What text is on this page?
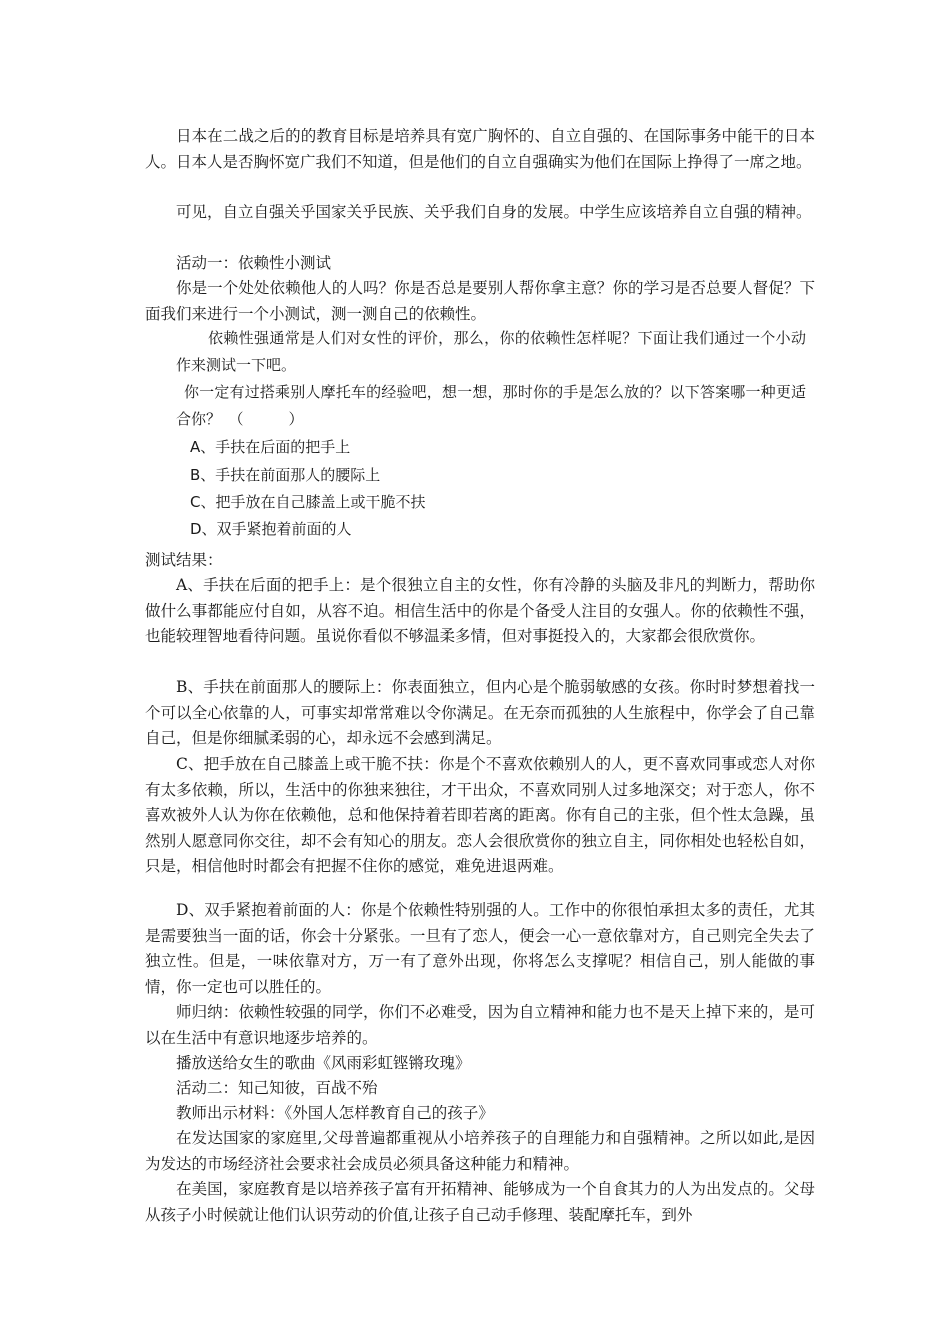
日本在二战之后的的教育目标是培养具有宽广胸怀的、自立自强的、在国际事务中能干的日本人。日本人是否胸怀宽广我们不知道，但是他们的自立自强确实为他们在国际上挣得了一席之地。

可见，自立自强关乎国家关乎民族、关乎我们自身的发展。中学生应该培养自立自强的精神。

活动一：依赖性小测试

你是一个处处依赖他人的人吗？你是否总是要别人帮你拿主意？你的学习是否总要人督促？下面我们来进行一个小测试，测一测自己的依赖性。

依赖性强通常是人们对女性的评价，那么，你的依赖性怎样呢？下面让我们通过一个小动作来测试一下吧。

你一定有过搭乘别人摩托车的经验吧，想一想，那时你的手是怎么放的？以下答案哪一种更适合你？　（　　　）

A、手扶在后面的把手上

B、手扶在前面那人的腰际上

C、把手放在自己膝盖上或干脆不扶

D、双手紧抱着前面的人

测试结果：

A、手扶在后面的把手上：是个很独立自主的女性，你有冷静的头脑及非凡的判断力，帮助你做什么事都能应付自如，从容不迫。相信生活中的你是个备受人注目的女强人。你的依赖性不强，也能较理智地看待问题。虽说你看似不够温柔多情，但对事挺投入的，大家都会很欣赏你。

B、手扶在前面那人的腰际上：你表面独立，但内心是个脆弱敏感的女孩。你时时梦想着找一个可以全心依靠的人，可事实却常常难以令你满足。在无奈而孤独的人生旅程中，你学会了自己靠自己，但是你细腻柔弱的心，却永远不会感到满足。

C、把手放在自己膝盖上或干脆不扶：你是个不喜欢依赖别人的人，更不喜欢同事或恋人对你有太多依赖，所以，生活中的你独来独往，才干出众，不喜欢同别人过多地深交；对于恋人，你不喜欢被外人认为你在依赖他，总和他保持着若即若离的距离。你有自己的主张，但个性太急躁，虽然别人愿意同你交往，却不会有知心的朋友。恋人会很欣赏你的独立自主，同你相处也轻松自如，只是，相信他时时都会有把握不住你的感觉，难免进退两难。

D、双手紧抱着前面的人：你是个依赖性特别强的人。工作中的你很怕承担太多的责任，尤其是需要独当一面的话，你会十分紧张。一旦有了恋人，便会一心一意依靠对方，自己则完全失去了独立性。但是，一味依靠对方，万一有了意外出现，你将怎么支撑呢？相信自己，别人能做的事情，你一定也可以胜任的。

师归纳：依赖性较强的同学，你们不必难受，因为自立精神和能力也不是天上掉下来的，是可以在生活中有意识地逐步培养的。

播放送给女生的歌曲《风雨彩虹铿锵玫瑰》

活动二：知己知彼，百战不殆

教师出示材料：《外国人怎样教育自己的孩子》

在发达国家的家庭里,父母普遍都重视从小培养孩子的自理能力和自强精神。之所以如此,是因为发达的市场经济社会要求社会成员必须具备这种能力和精神。

在美国，家庭教育是以培养孩子富有开拓精神、能够成为一个自食其力的人为出发点的。父母从孩子小时候就让他们认识劳动的价值,让孩子自己动手修理、装配摩托车，到外
